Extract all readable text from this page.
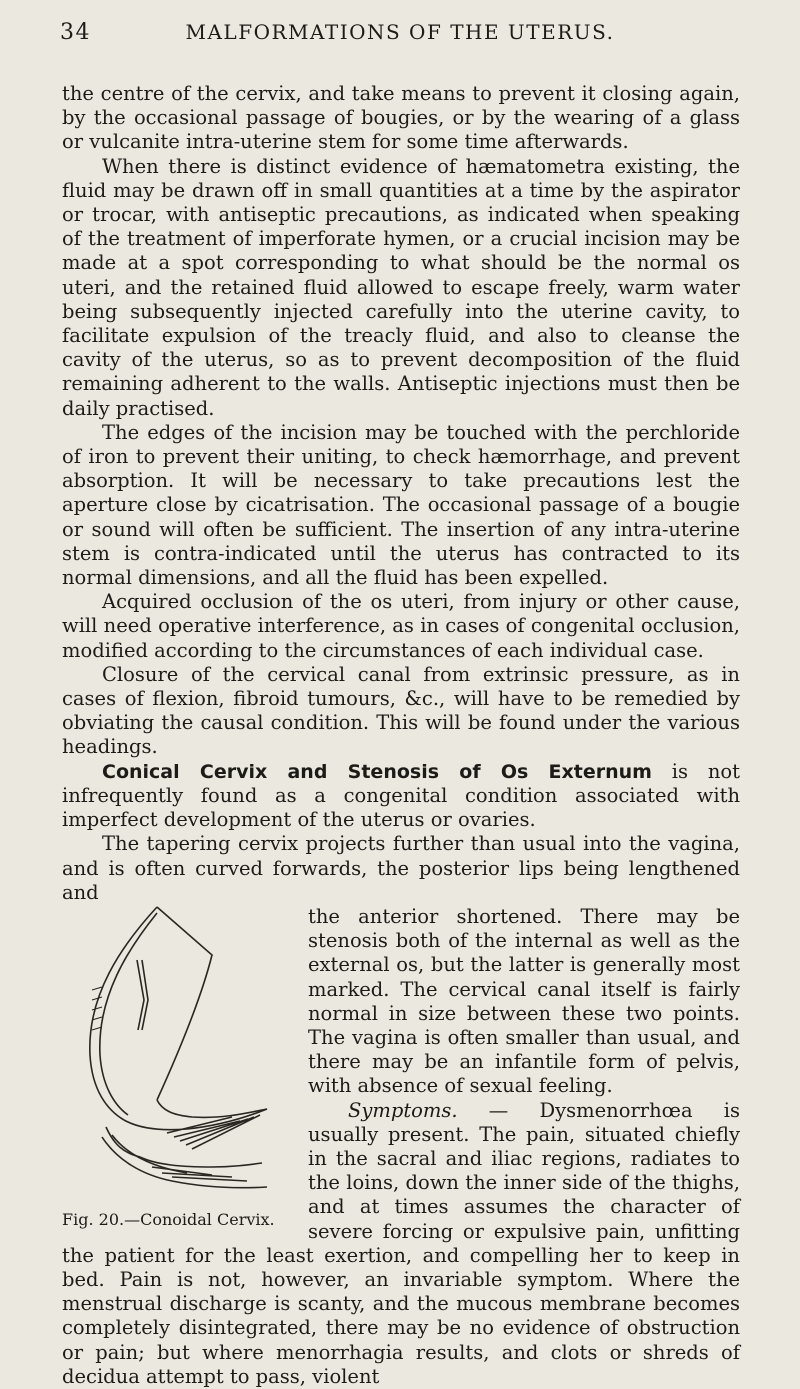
34	MALFORMATIONS OF THE UTERUS.

the centre of the cervix, and take means to prevent it closing again, by the occasional passage of bougies, or by the wearing of a glass or vulcanite intra-uterine stem for some time afterwards.

When there is distinct evidence of hæmatometra existing, the fluid may be drawn off in small quantities at a time by the aspirator or trocar, with antiseptic precautions, as indicated when speaking of the treatment of imperforate hymen, or a crucial incision may be made at a spot corresponding to what should be the normal os uteri, and the retained fluid allowed to escape freely, warm water being subsequently injected carefully into the uterine cavity, to facilitate expulsion of the treacly fluid, and also to cleanse the cavity of the uterus, so as to prevent decomposition of the fluid remaining adherent to the walls. Antiseptic injections must then be daily practised.

The edges of the incision may be touched with the perchloride of iron to prevent their uniting, to check hæmorrhage, and prevent absorption. It will be necessary to take precautions lest the aperture close by cicatrisation. The occasional passage of a bougie or sound will often be sufficient. The insertion of any intra-uterine stem is contra-indicated until the uterus has contracted to its normal dimensions, and all the fluid has been expelled.

Acquired occlusion of the os uteri, from injury or other cause, will need operative interference, as in cases of congenital occlusion, modified according to the circumstances of each individual case.

Closure of the cervical canal from extrinsic pressure, as in cases of flexion, fibroid tumours, &c., will have to be remedied by obviating the causal condition. This will be found under the various headings.

Conical Cervix and Stenosis of Os Externum is not infrequently found as a congenital condition associated with imperfect development of the uterus or ovaries.

The tapering cervix projects further than usual into the vagina, and is often curved forwards, the posterior lips being lengthened and

Fig. 20.—Conoidal Cervix.

the anterior shortened. There may be stenosis both of the internal as well as the external os, but the latter is generally most marked. The cervical canal itself is fairly normal in size between these two points. The vagina is often smaller than usual, and there may be an infantile form of pelvis, with absence of sexual feeling.

Symptoms. — Dysmenorrhœa is usually present. The pain, situated chiefly in the sacral and iliac regions, radiates to the loins, down the inner side of the thighs, and at times assumes the character of severe forcing or expulsive pain, unfitting the patient for the least exertion, and compelling her to keep in bed. Pain is not, however, an invariable symptom. Where the menstrual discharge is scanty, and the mucous membrane becomes completely disintegrated, there may be no evidence of obstruction or pain; but where menorrhagia results, and clots or shreds of decidua attempt to pass, violent
